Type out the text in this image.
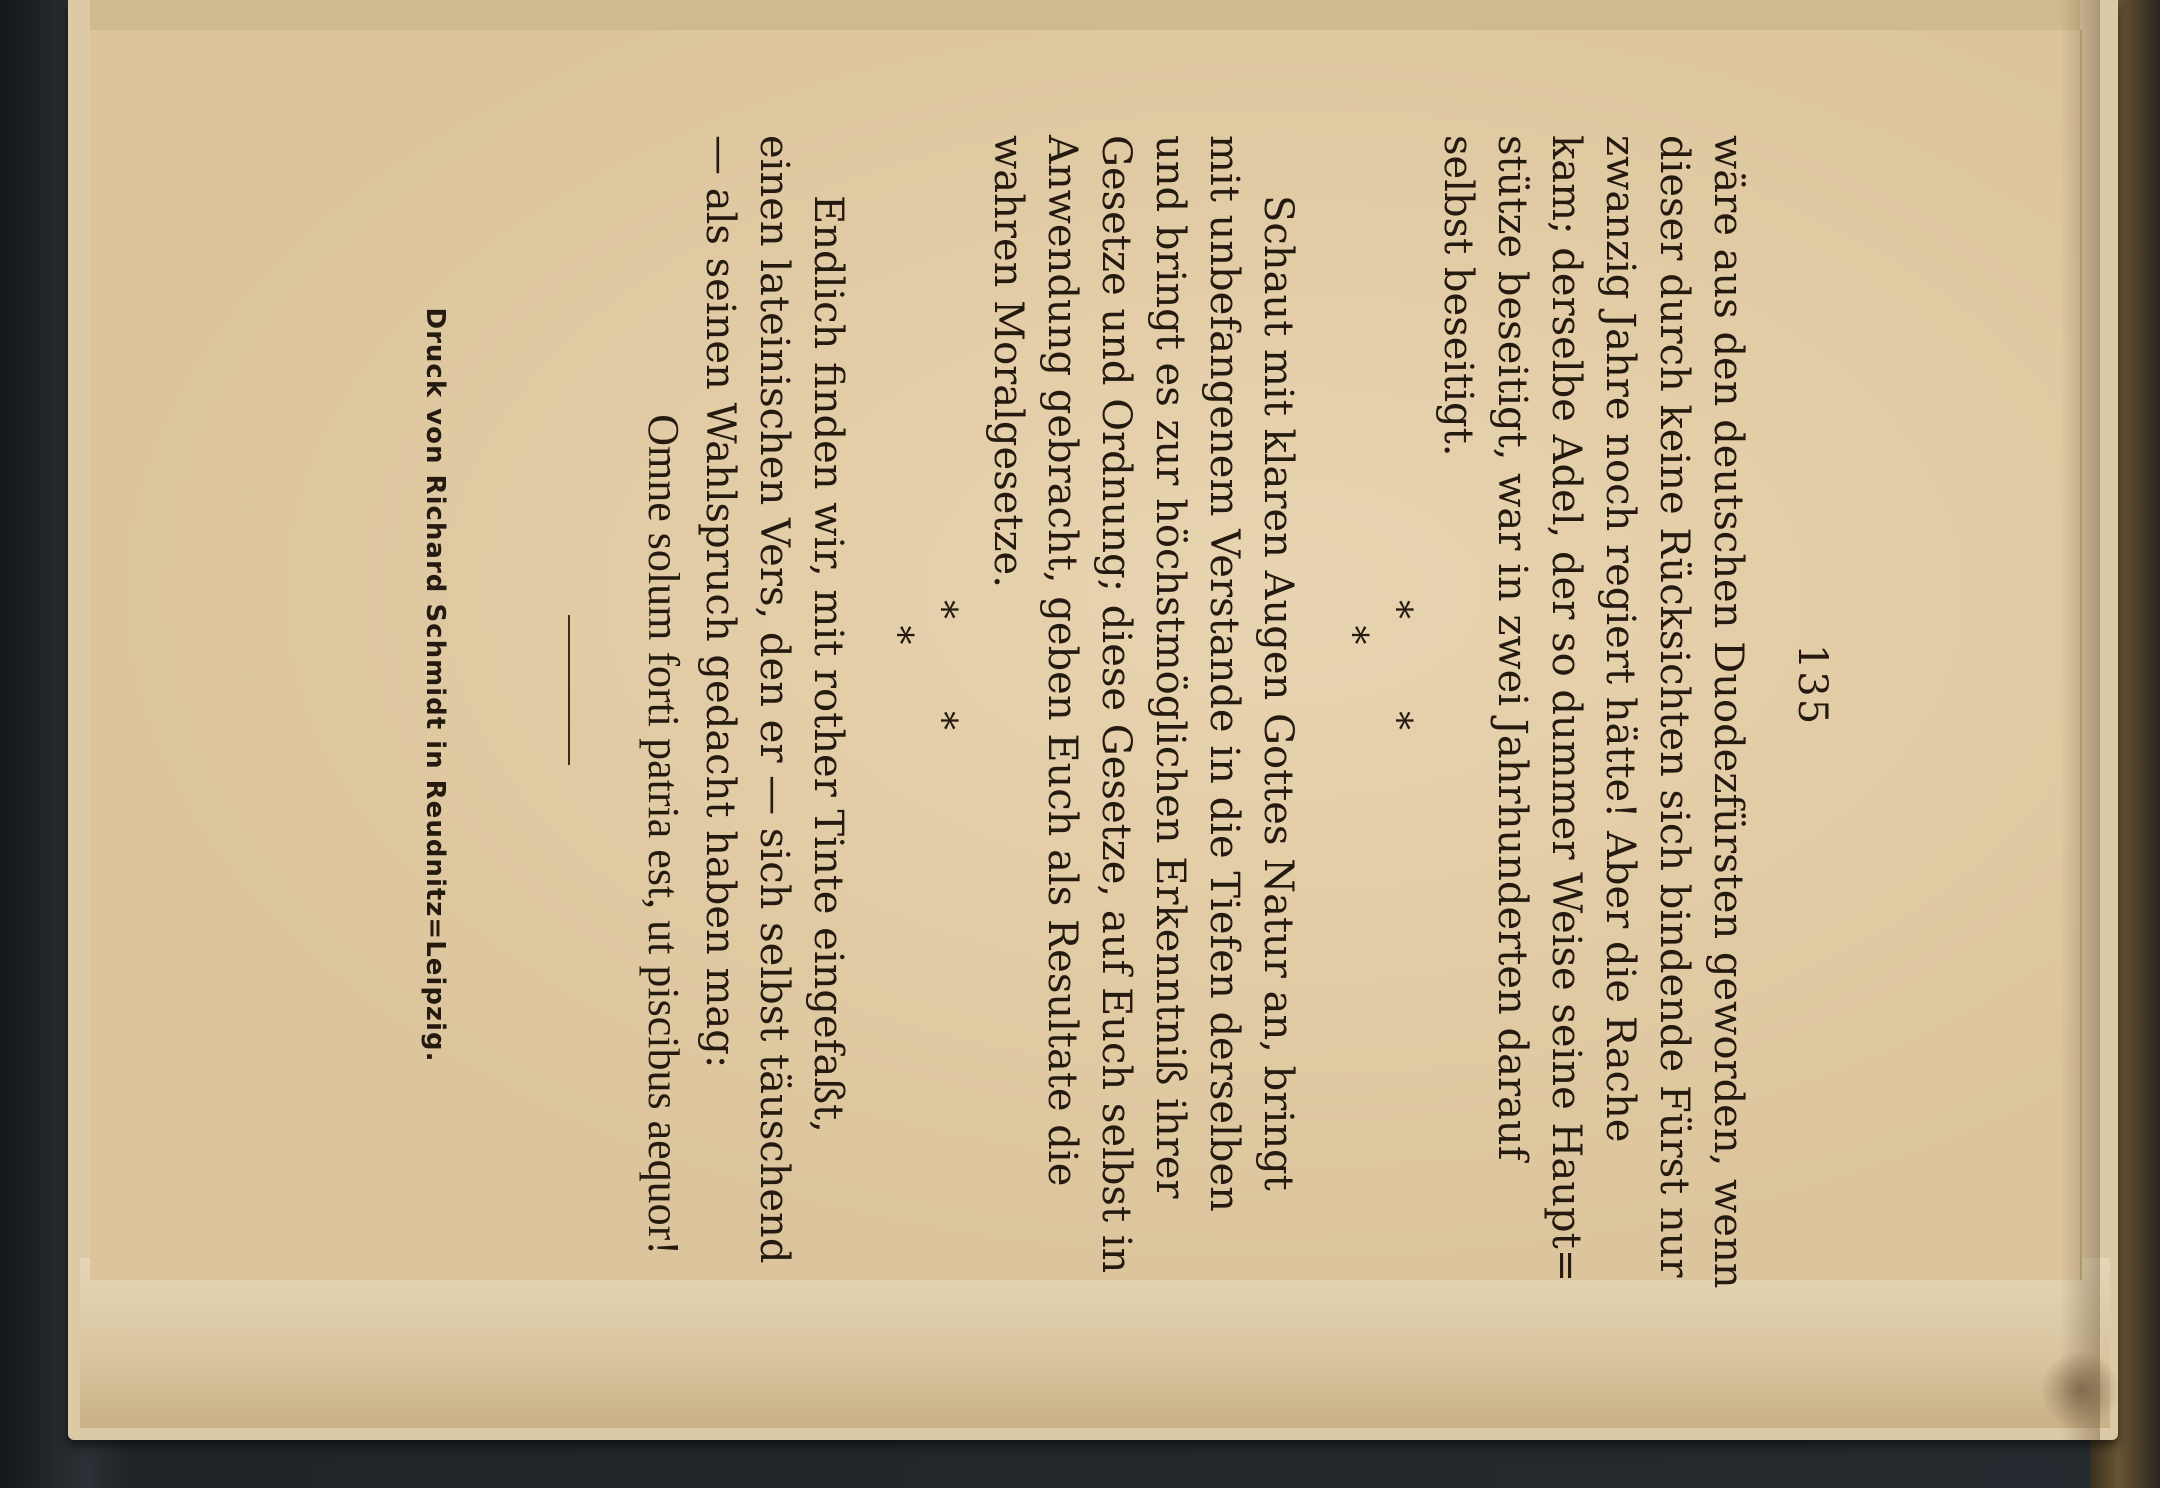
135
wäre aus den deutschen Duodezfürsten geworden, wenn
dieser durch keine Rücksichten sich bindende Fürst nur
zwanzig Jahre noch regiert hätte! Aber die Rache
kam; derselbe Adel, der so dummer Weise seine Haupt=
stütze beseitigt, war in zwei Jahrhunderten darauf
selbst beseitigt.
* *
*
Schaut mit klaren Augen Gottes Natur an, bringt
mit unbefangenem Verstande in die Tiefen derselben
und bringt es zur höchstmöglichen Erkenntniß ihrer
Gesetze und Ordnung; diese Gesetze, auf Euch selbst in
Anwendung gebracht, geben Euch als Resultate die
wahren Moralgesetze.
* *
*
Endlich finden wir, mit rother Tinte eingefaßt,
einen lateinischen Vers, den er — sich selbst täuschend
— als seinen Wahlspruch gedacht haben mag:
Omne solum forti patria est, ut piscibus aequor!
Druck von Richard Schmidt in Reudnitz=Leipzig.
